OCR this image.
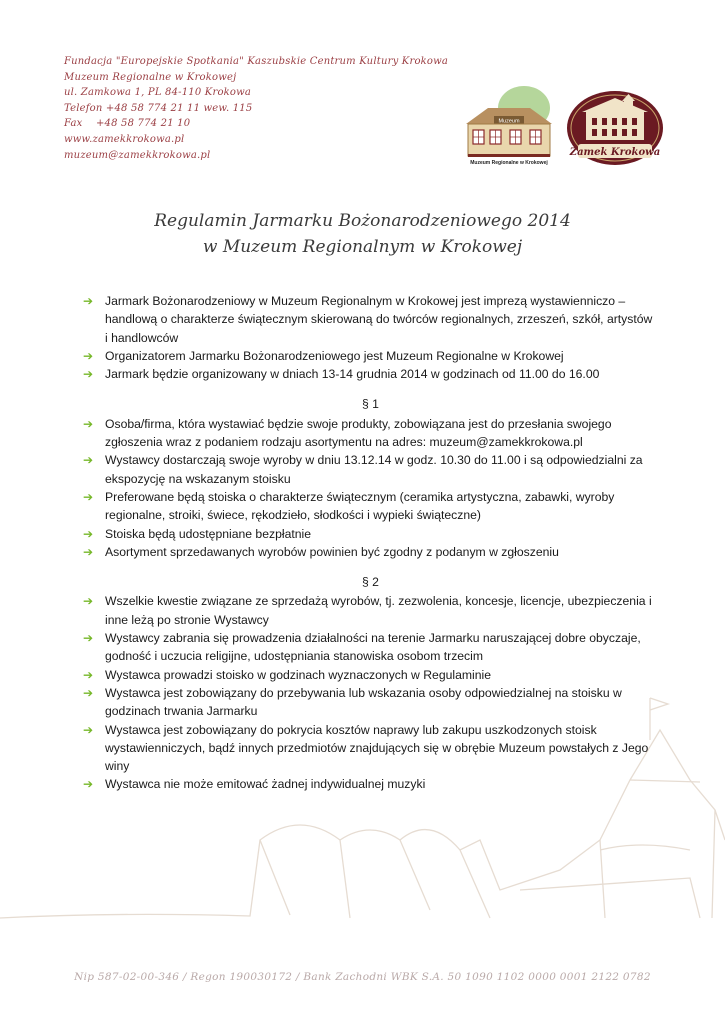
Fundacja "Europejskie Spotkania" Kaszubskie Centrum Kultury Krokowa
Muzeum Regionalne w Krokowej
ul. Zamkowa 1, PL 84-110 Krokowa
Telefon +48 58 774 21 11 wew. 115
Fax    +48 58 774 21 10
www.zamekkrokowa.pl
muzeum@zamekkrokowa.pl
Muzeum
Muzeum Regionalne w Krokowej
Zamek Krokowa
Regulamin Jarmarku Bożonarodzeniowego 2014
w Muzeum Regionalnym w Krokowej
➔ Jarmark Bożonarodzeniowy w Muzeum Regionalnym w Krokowej jest imprezą wystawienniczo – handlową o charakterze świątecznym skierowaną do twórców regionalnych, zrzeszeń, szkół, artystów i handlowców
➔ Organizatorem Jarmarku Bożonarodzeniowego jest Muzeum Regionalne w Krokowej
➔ Jarmark będzie organizowany w dniach 13-14 grudnia 2014 w godzinach od 11.00 do 16.00
§ 1
➔ Osoba/firma, która wystawiać będzie swoje produkty, zobowiązana jest do przesłania swojego zgłoszenia wraz z podaniem rodzaju asortymentu na adres: muzeum@zamekkrokowa.pl
➔ Wystawcy dostarczają swoje wyroby w dniu 13.12.14 w godz. 10.30 do 11.00 i są odpowiedzialni za ekspozycję na wskazanym stoisku
➔ Preferowane będą stoiska o charakterze świątecznym (ceramika artystyczna, zabawki, wyroby regionalne, stroiki, świece, rękodzieło, słodkości i wypieki świąteczne)
➔ Stoiska będą udostępniane bezpłatnie
➔ Asortyment sprzedawanych wyrobów powinien być zgodny z podanym w zgłoszeniu
§ 2
➔ Wszelkie kwestie związane ze sprzedażą wyrobów, tj. zezwolenia, koncesje, licencje, ubezpieczenia i inne leżą po stronie Wystawcy
➔ Wystawcy zabrania się prowadzenia działalności na terenie Jarmarku naruszającej dobre obyczaje, godność i uczucia religijne, udostępniania stanowiska osobom trzecim
➔ Wystawca prowadzi stoisko w godzinach wyznaczonych w Regulaminie
➔ Wystawca jest zobowiązany do przebywania lub wskazania osoby odpowiedzialnej na stoisku w godzinach trwania Jarmarku
➔ Wystawca jest zobowiązany do pokrycia kosztów naprawy lub zakupu uszkodzonych stoisk wystawienniczych, bądź innych przedmiotów znajdujących się w obrębie Muzeum powstałych z Jego winy
➔ Wystawca nie może emitować żadnej indywidualnej muzyki
Nip 587-02-00-346 / Regon 190030172 / Bank Zachodni WBK S.A. 50 1090 1102 0000 0001 2122 0782
